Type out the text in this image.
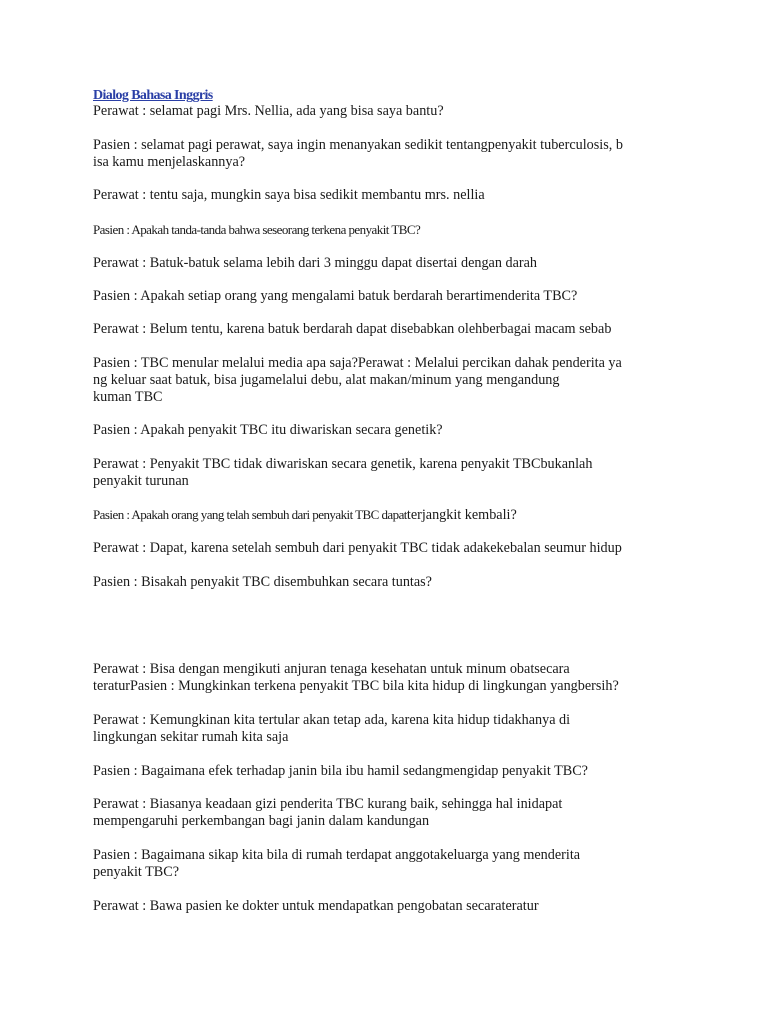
Dialog Bahasa Inggris

Perawat : selamat pagi Mrs. Nellia, ada yang bisa saya bantu?

Pasien : selamat pagi perawat, saya ingin menanyakan sedikit tentangpenyakit tuberculosis, b
isa kamu menjelaskannya?

Perawat : tentu saja, mungkin saya bisa sedikit membantu mrs. nellia

Pasien : Apakah tanda-tanda bahwa seseorang terkena penyakit TBC?

Perawat : Batuk-batuk selama lebih dari 3 minggu dapat disertai dengan darah

Pasien : Apakah setiap orang yang mengalami batuk berdarah berartimenderita TBC?

Perawat : Belum tentu, karena batuk berdarah dapat disebabkan olehberbagai macam sebab

Pasien : TBC menular melalui media apa saja?Perawat : Melalui percikan dahak penderita ya
ng keluar saat batuk, bisa jugamelalui debu, alat makan/minum yang mengandung
kuman TBC

Pasien : Apakah penyakit TBC itu diwariskan secara genetik?

Perawat : Penyakit TBC tidak diwariskan secara genetik, karena penyakit TBCbukanlah
penyakit turunan

Pasien : Apakah orang yang telah sembuh dari penyakit TBC dapatterjangkit kembali?

Perawat : Dapat, karena setelah sembuh dari penyakit TBC tidak adakekebalan seumur hidup

Pasien : Bisakah penyakit TBC disembuhkan secara tuntas?

Perawat : Bisa dengan mengikuti anjuran tenaga kesehatan untuk minum obatsecara
teraturPasien : Mungkinkan terkena penyakit TBC bila kita hidup di lingkungan yangbersih?

Perawat : Kemungkinan kita tertular akan tetap ada, karena kita hidup tidakhanya di
lingkungan sekitar rumah kita saja

Pasien : Bagaimana efek terhadap janin bila ibu hamil sedangmengidap penyakit TBC?

Perawat : Biasanya keadaan gizi penderita TBC kurang baik, sehingga hal inidapat
mempengaruhi perkembangan bagi janin dalam kandungan

Pasien : Bagaimana sikap kita bila di rumah terdapat anggotakeluarga yang menderita
penyakit TBC?

Perawat : Bawa pasien ke dokter untuk mendapatkan pengobatan secarateratur
